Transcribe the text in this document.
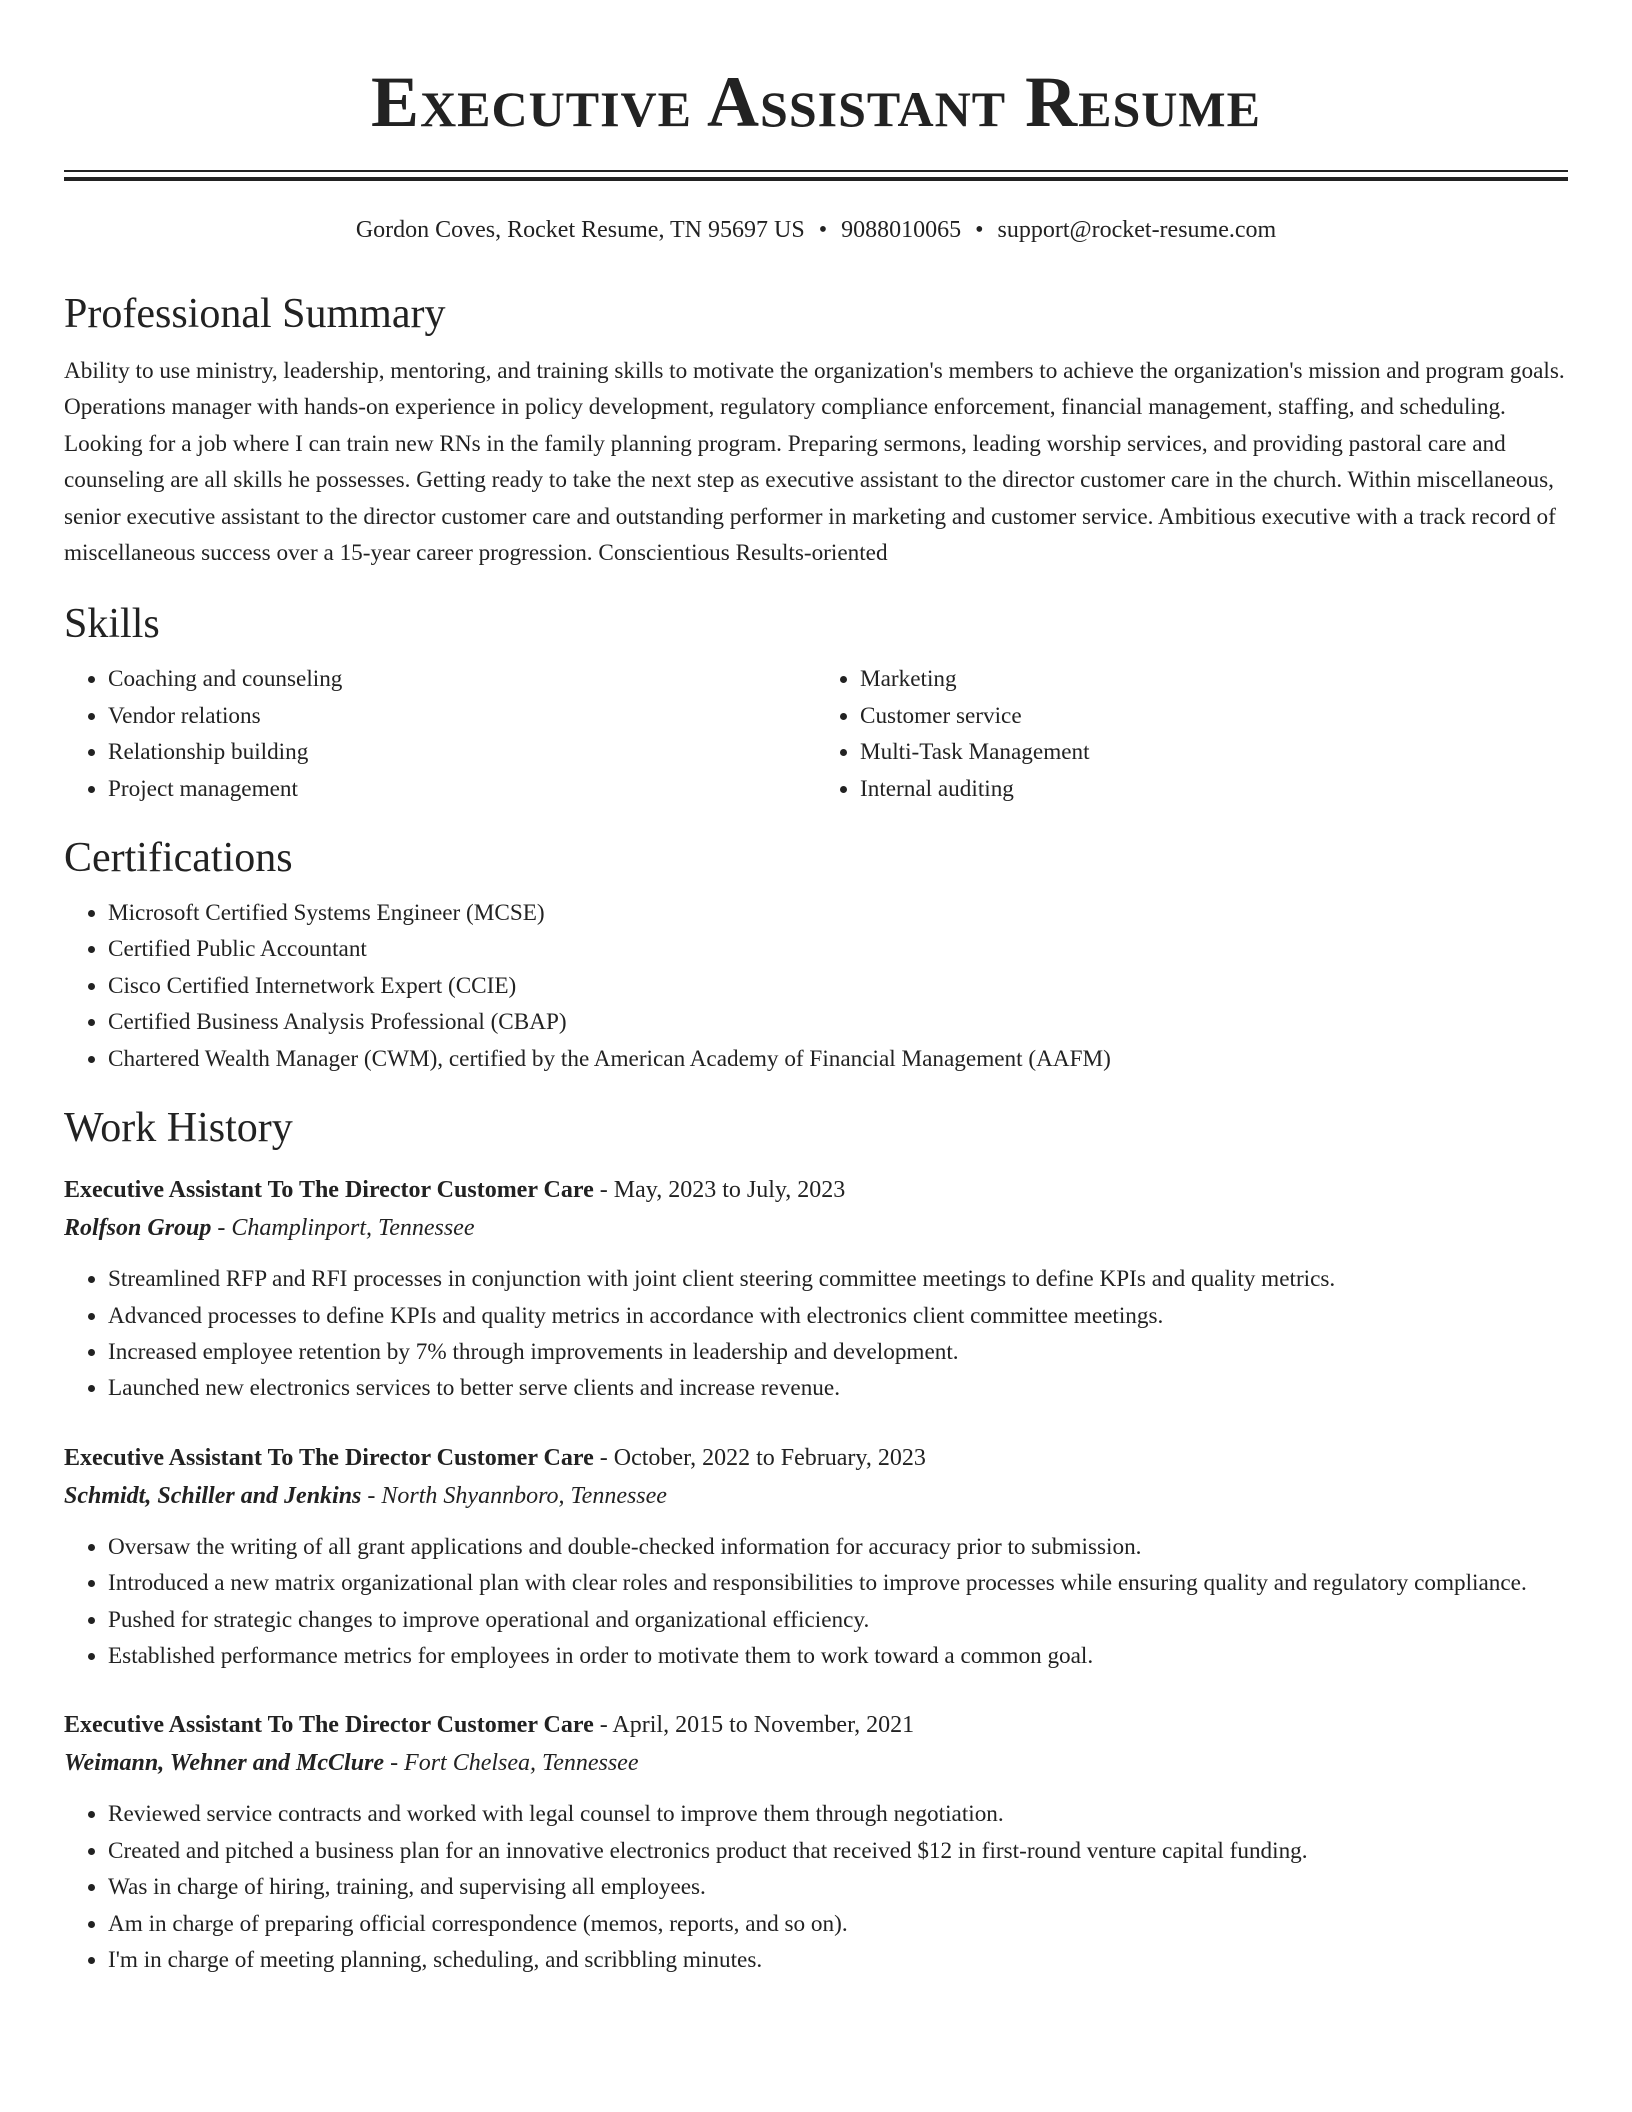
Executive Assistant Resume
Gordon Coves, Rocket Resume, TN 95697 US • 9088010065 • support@rocket-resume.com
Professional Summary

Ability to use ministry, leadership, mentoring, and training skills to motivate the organization's members to achieve the organization's mission and program goals. Operations manager with hands-on experience in policy development, regulatory compliance enforcement, financial management, staffing, and scheduling. Looking for a job where I can train new RNs in the family planning program. Preparing sermons, leading worship services, and providing pastoral care and counseling are all skills he possesses. Getting ready to take the next step as executive assistant to the director customer care in the church. Within miscellaneous, senior executive assistant to the director customer care and outstanding performer in marketing and customer service. Ambitious executive with a track record of miscellaneous success over a 15-year career progression. Conscientious Results-oriented

Skills
• Coaching and counseling
• Vendor relations
• Relationship building
• Project management
• Marketing
• Customer service
• Multi-Task Management
• Internal auditing
Certifications
• Microsoft Certified Systems Engineer (MCSE)
• Certified Public Accountant
• Cisco Certified Internetwork Expert (CCIE)
• Certified Business Analysis Professional (CBAP)
• Chartered Wealth Manager (CWM), certified by the American Academy of Financial Management (AAFM)
Work History

Executive Assistant To The Director Customer Care - May, 2023 to July, 2023

Rolfson Group - Champlinport, Tennessee

• Streamlined RFP and RFI processes in conjunction with joint client steering committee meetings to define KPIs and quality metrics.
• Advanced processes to define KPIs and quality metrics in accordance with electronics client committee meetings.
• Increased employee retention by 7% through improvements in leadership and development.
• Launched new electronics services to better serve clients and increase revenue.

Executive Assistant To The Director Customer Care - October, 2022 to February, 2023

Schmidt, Schiller and Jenkins - North Shyannboro, Tennessee

• Oversaw the writing of all grant applications and double-checked information for accuracy prior to submission.
• Introduced a new matrix organizational plan with clear roles and responsibilities to improve processes while ensuring quality and regulatory compliance.
• Pushed for strategic changes to improve operational and organizational efficiency.
• Established performance metrics for employees in order to motivate them to work toward a common goal.

Executive Assistant To The Director Customer Care - April, 2015 to November, 2021

Weimann, Wehner and McClure - Fort Chelsea, Tennessee

• Reviewed service contracts and worked with legal counsel to improve them through negotiation.
• Created and pitched a business plan for an innovative electronics product that received $12 in first-round venture capital funding.
• Was in charge of hiring, training, and supervising all employees.
• Am in charge of preparing official correspondence (memos, reports, and so on).
• I'm in charge of meeting planning, scheduling, and scribbling minutes.
